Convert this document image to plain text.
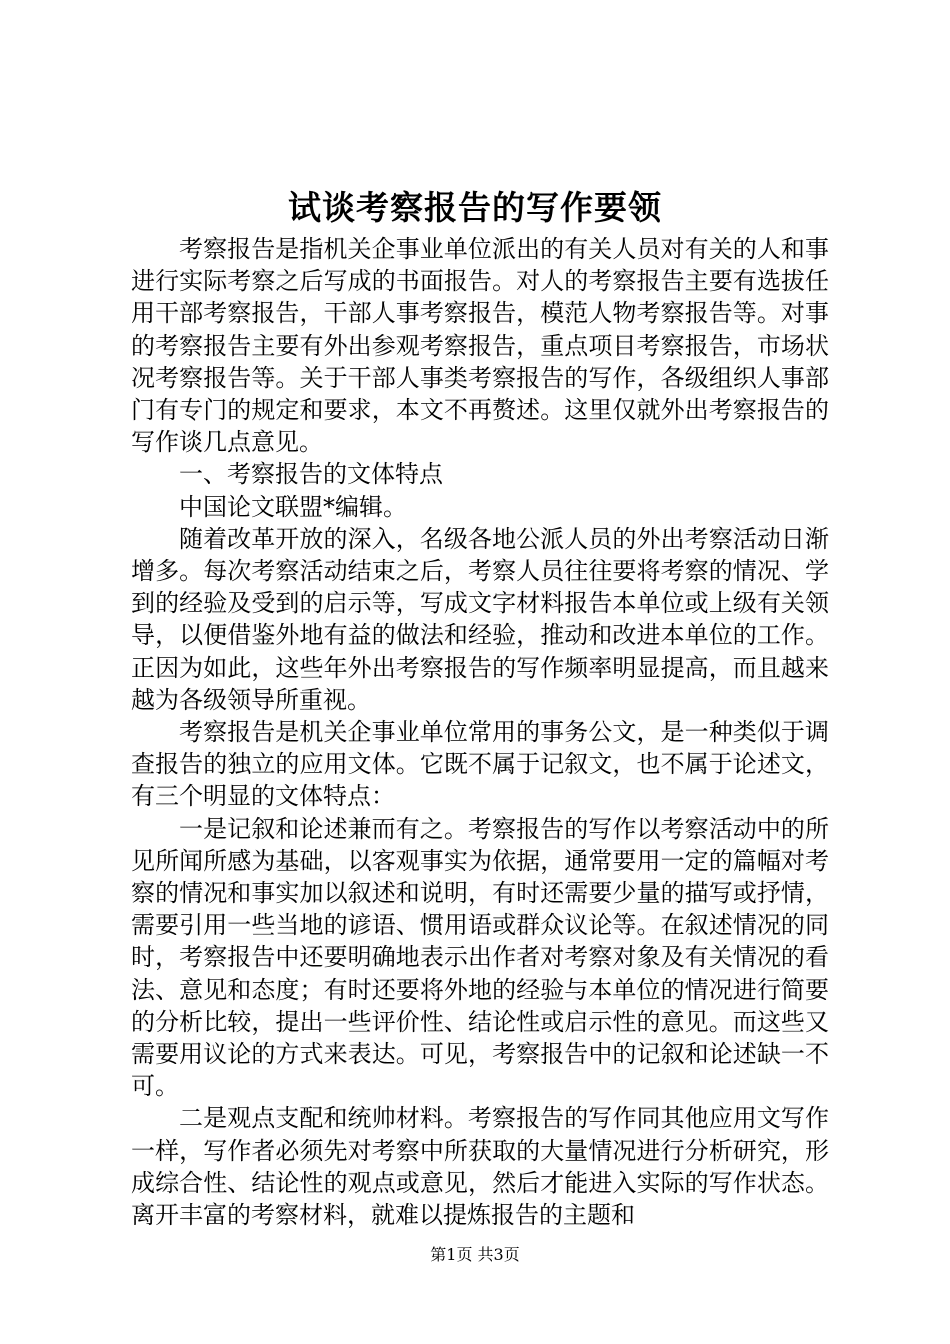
试谈考察报告的写作要领

考察报告是指机关企事业单位派出的有关人员对有关的人和事进行实际考察之后写成的书面报告。对人的考察报告主要有选拔任用干部考察报告，干部人事考察报告，模范人物考察报告等。对事的考察报告主要有外出参观考察报告，重点项目考察报告，市场状况考察报告等。关于干部人事类考察报告的写作，各级组织人事部门有专门的规定和要求，本文不再赘述。这里仅就外出考察报告的写作谈几点意见。

一、考察报告的文体特点

中国论文联盟*编辑。

随着改革开放的深入，名级各地公派人员的外出考察活动日渐增多。每次考察活动结束之后，考察人员往往要将考察的情况、学到的经验及受到的启示等，写成文字材料报告本单位或上级有关领导，以便借鉴外地有益的做法和经验，推动和改进本单位的工作。正因为如此，这些年外出考察报告的写作频率明显提高，而且越来越为各级领导所重视。

考察报告是机关企事业单位常用的事务公文，是一种类似于调查报告的独立的应用文体。它既不属于记叙文，也不属于论述文，有三个明显的文体特点：

一是记叙和论述兼而有之。考察报告的写作以考察活动中的所见所闻所感为基础，以客观事实为依据，通常要用一定的篇幅对考察的情况和事实加以叙述和说明，有时还需要少量的描写或抒情，需要引用一些当地的谚语、惯用语或群众议论等。在叙述情况的同时，考察报告中还要明确地表示出作者对考察对象及有关情况的看法、意见和态度；有时还要将外地的经验与本单位的情况进行简要的分析比较，提出一些评价性、结论性或启示性的意见。而这些又需要用议论的方式来表达。可见，考察报告中的记叙和论述缺一不可。

二是观点支配和统帅材料。考察报告的写作同其他应用文写作一样，写作者必须先对考察中所获取的大量情况进行分析研究，形成综合性、结论性的观点或意见，然后才能进入实际的写作状态。离开丰富的考察材料，就难以提炼报告的主题和

第1页 共3页
